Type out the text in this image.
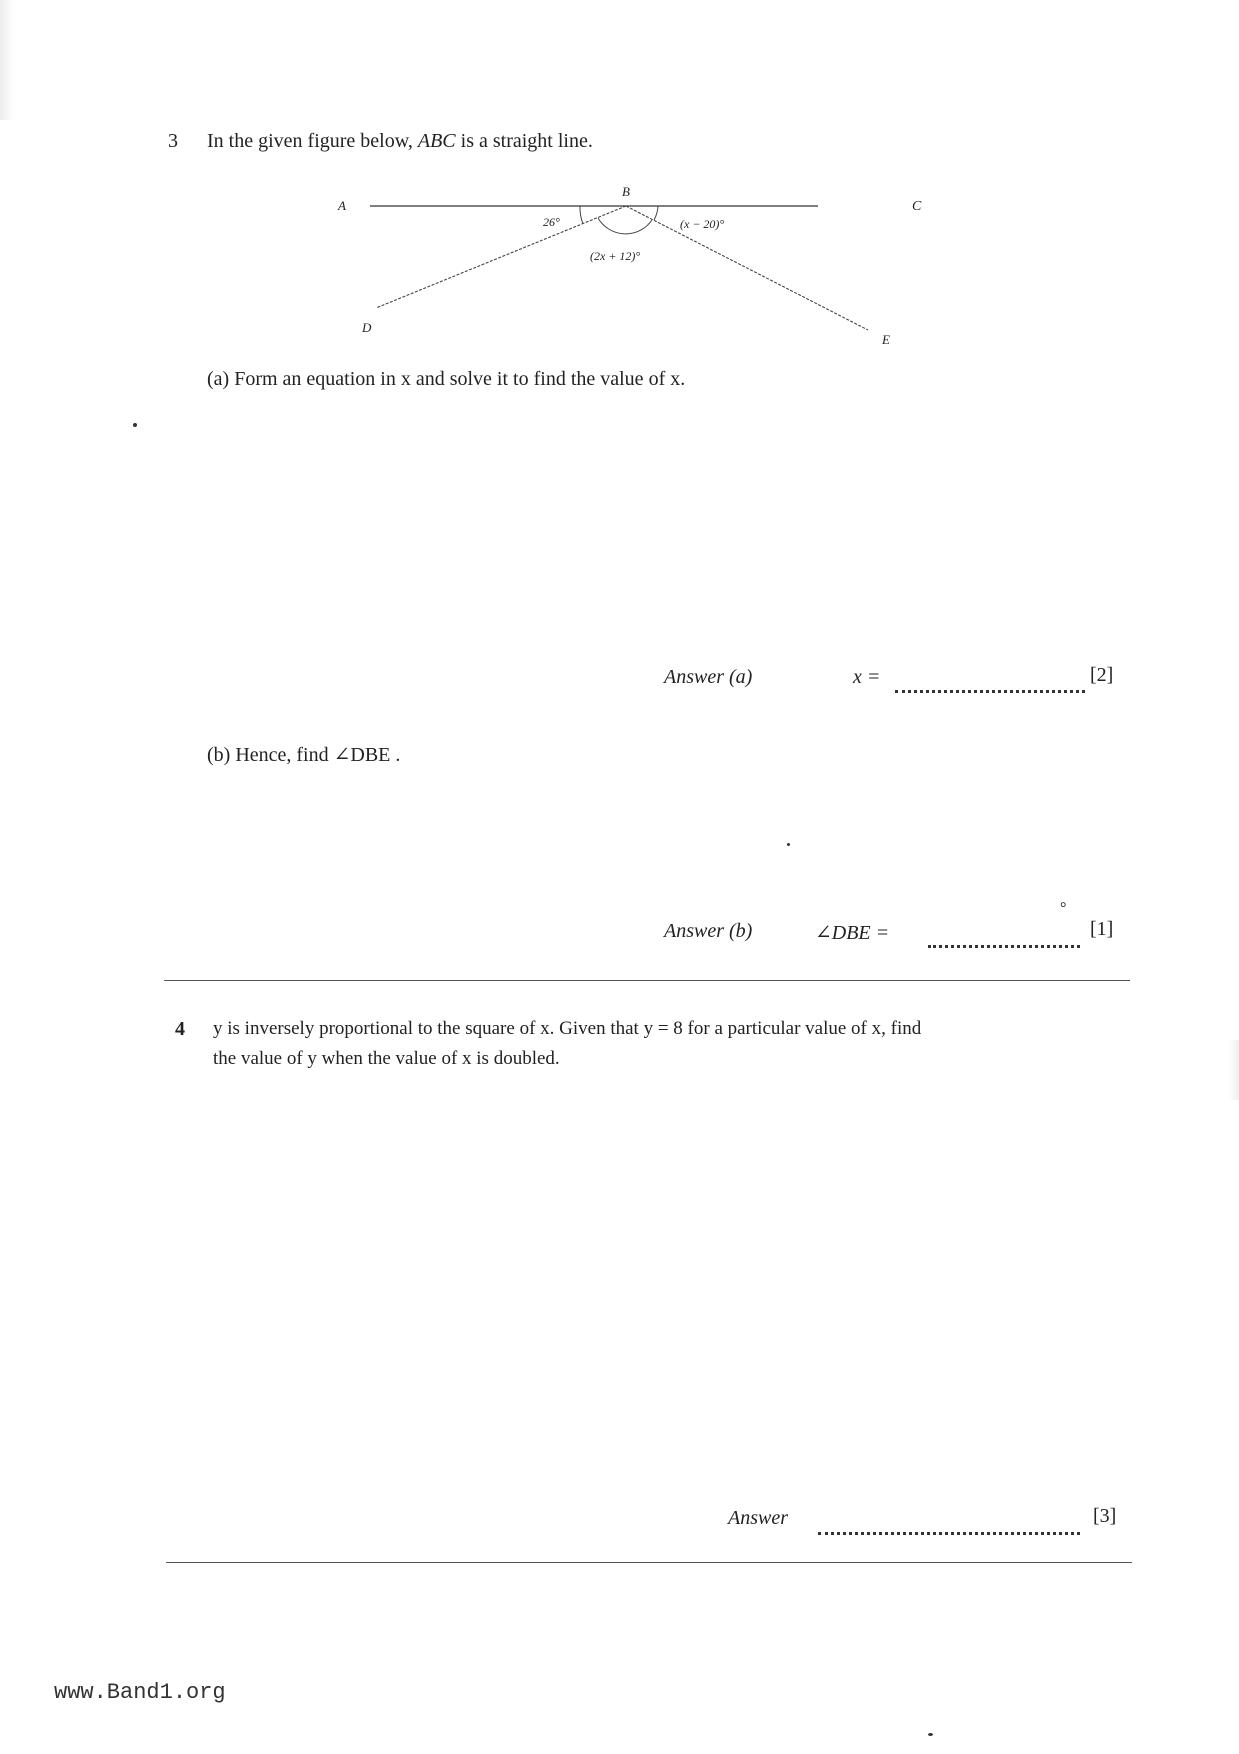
3 In the given figure below, ABC is a straight line.
A
B
C
D
E
26°	(x − 20)°
(2x + 12)°
(a) Form an equation in x and solve it to find the value of x.
Answer (a)	x =	[2]
(b) Hence, find ∠DBE .
Answer (b)	∠DBE =
°
[1]
4 y is inversely proportional to the square of x. Given that y = 8 for a particular value of x, find
the value of y when the value of x is doubled.
Answer	[3]
www.Band1.org
